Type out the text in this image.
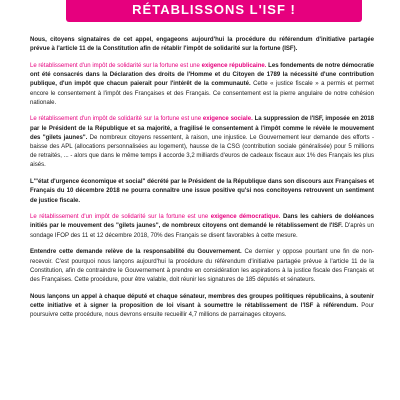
RÉTABLISSONS L'ISF !

Nous, citoyens signataires de cet appel, engageons aujourd'hui la procédure du référendum d'initiative partagée prévue à l'article 11 de la Constitution afin de rétablir l'impôt de solidarité sur la fortune (ISF).

Le rétablissement d'un impôt de solidarité sur la fortune est une exigence républicaine. Les fondements de notre démocratie ont été consacrés dans la Déclaration des droits de l'Homme et du Citoyen de 1789 la nécessité d'une contribution publique, d'un impôt que chacun paierait pour l'intérêt de la communauté. Cette « justice fiscale » a permis et permet encore le consentement à l'impôt des Françaises et des Français. Ce consentement est la pierre angulaire de notre cohésion nationale.

Le rétablissement d'un impôt de solidarité sur la fortune est une exigence sociale. La suppression de l'ISF, imposée en 2018 par le Président de la République et sa majorité, a fragilisé le consentement à l'impôt comme le révèle le mouvement des "gilets jaunes". De nombreux citoyens ressentent, à raison, une injustice. Le Gouvernement leur demande des efforts - baisse des APL (allocations personnalisées au logement), hausse de la CSG (contribution sociale généralisée) pour 5 millions de retraités, ... - alors que dans le même temps il accorde 3,2 milliards d'euros de cadeaux fiscaux aux 1% des Français les plus aisés.

L'"état d'urgence économique et social" décrété par le Président de la République dans son discours aux Françaises et Français du 10 décembre 2018 ne pourra connaître une issue positive qu'si nos concitoyens retrouvent un sentiment de justice fiscale.

Le rétablissement d'un impôt de solidarité sur la fortune est une exigence démocratique. Dans les cahiers de doléances initiés par le mouvement des "gilets jaunes", de nombreux citoyens ont demandé le rétablissement de l'ISF. D'après un sondage IFOP des 11 et 12 décembre 2018, 70% des Français se disent favorables à cette mesure.

Entendre cette demande relève de la responsabilité du Gouvernement. Ce dernier y oppose pourtant une fin de non-recevoir. C'est pourquoi nous lançons aujourd'hui la procédure du référendum d'initiative partagée prévue à l'article 11 de la Constitution, afin de contraindre le Gouvernement à prendre en considération les aspirations à la justice fiscale des Français et des Françaises. Cette procédure, pour être valable, doit réunir les signatures de 185 députés et sénateurs.

Nous lançons un appel à chaque député et chaque sénateur, membres des groupes politiques républicains, à soutenir cette initiative et à signer la proposition de loi visant à soumettre le rétablissement de l'ISF à référendum. Pour poursuivre cette procédure, nous devrons ensuite recueillir 4,7 millions de parrainages citoyens.
